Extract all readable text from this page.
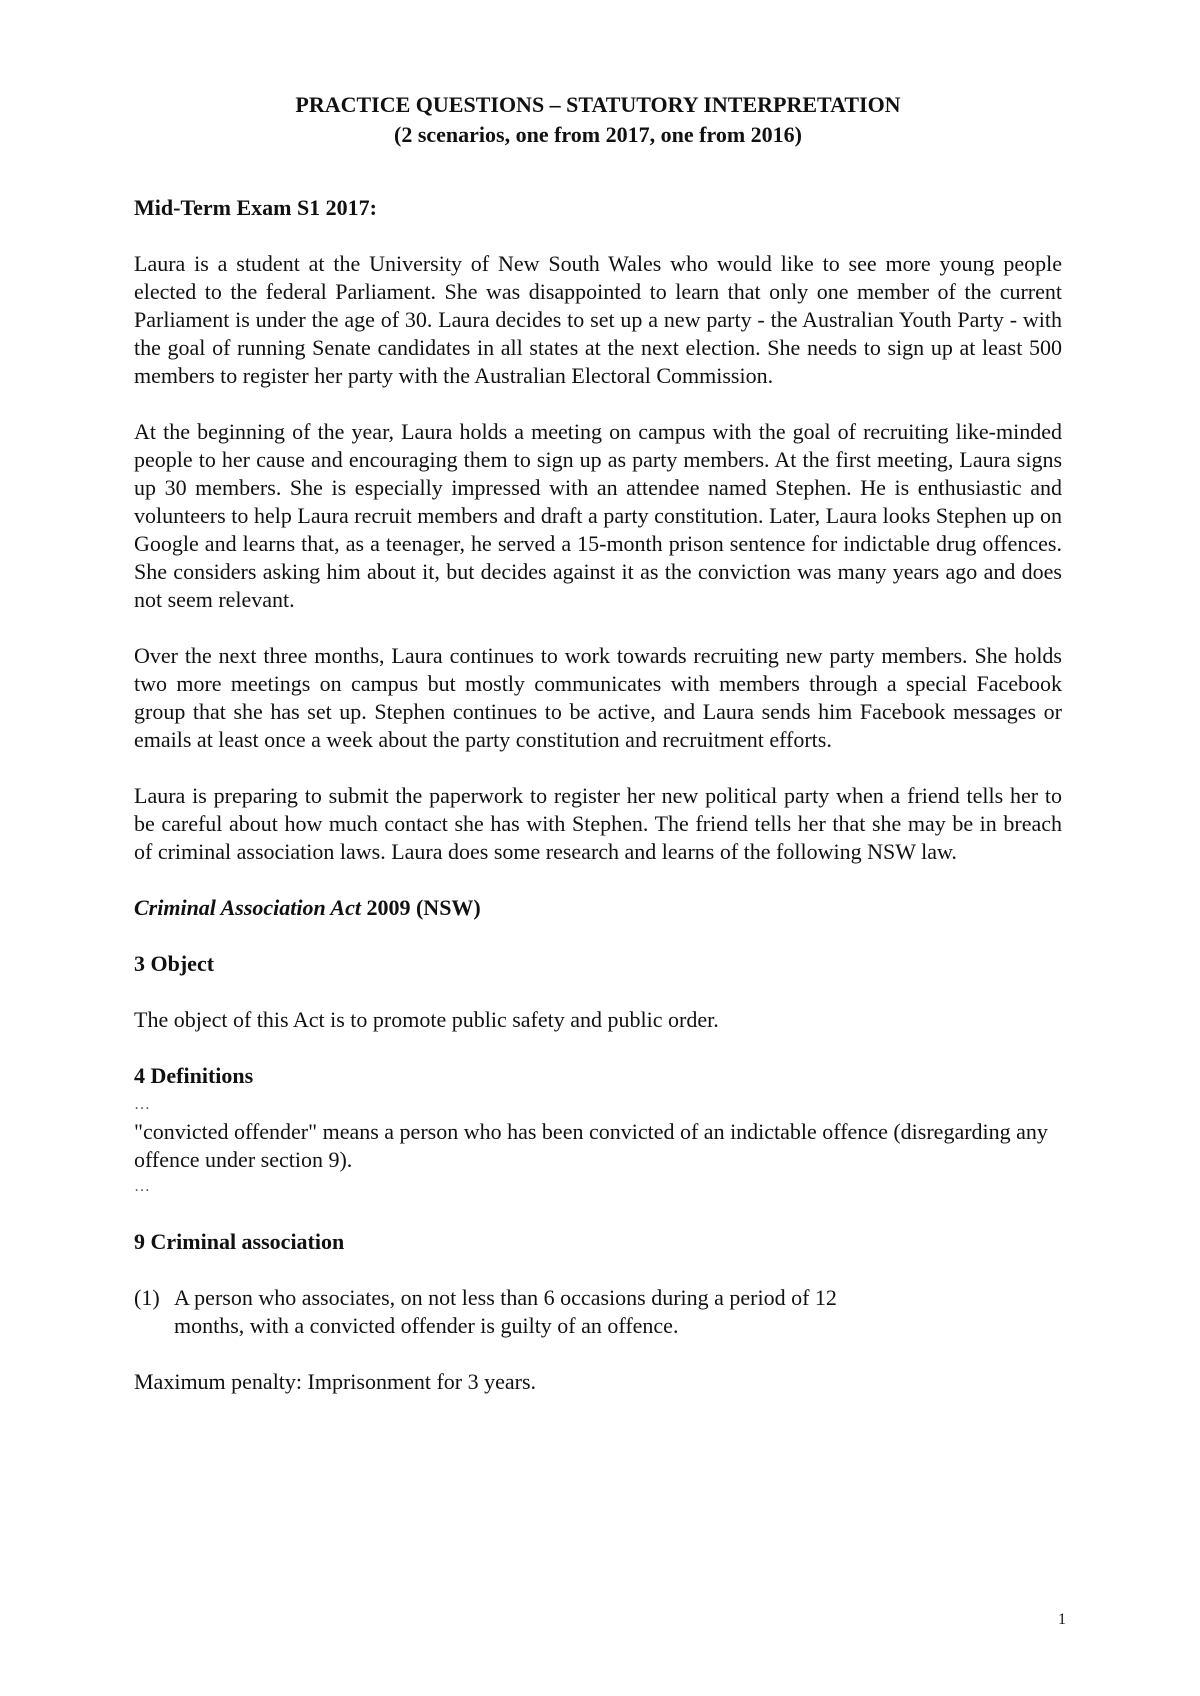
PRACTICE QUESTIONS – STATUTORY INTERPRETATION

(2 scenarios, one from 2017, one from 2016)

Mid-Term Exam S1 2017:

Laura is a student at the University of New South Wales who would like to see more young people elected to the federal Parliament. She was disappointed to learn that only one member of the current Parliament is under the age of 30. Laura decides to set up a new party - the Australian Youth Party - with the goal of running Senate candidates in all states at the next election. She needs to sign up at least 500 members to register her party with the Australian Electoral Commission.

At the beginning of the year, Laura holds a meeting on campus with the goal of recruiting like-minded people to her cause and encouraging them to sign up as party members. At the first meeting, Laura signs up 30 members. She is especially impressed with an attendee named Stephen. He is enthusiastic and volunteers to help Laura recruit members and draft a party constitution. Later, Laura looks Stephen up on Google and learns that, as a teenager, he served a 15-month prison sentence for indictable drug offences. She considers asking him about it, but decides against it as the conviction was many years ago and does not seem relevant.

Over the next three months, Laura continues to work towards recruiting new party members. She holds two more meetings on campus but mostly communicates with members through a special Facebook group that she has set up. Stephen continues to be active, and Laura sends him Facebook messages or emails at least once a week about the party constitution and recruitment efforts.

Laura is preparing to submit the paperwork to register her new political party when a friend tells her to be careful about how much contact she has with Stephen. The friend tells her that she may be in breach of criminal association laws. Laura does some research and learns of the following NSW law.

Criminal Association Act 2009 (NSW)

3 Object

The object of this Act is to promote public safety and public order.

4 Definitions

…

"convicted offender" means a person who has been convicted of an indictable offence (disregarding any offence under section 9).

…

9 Criminal association

(1) A person who associates, on not less than 6 occasions during a period of 12 months, with a convicted offender is guilty of an offence.

Maximum penalty: Imprisonment for 3 years.

1
